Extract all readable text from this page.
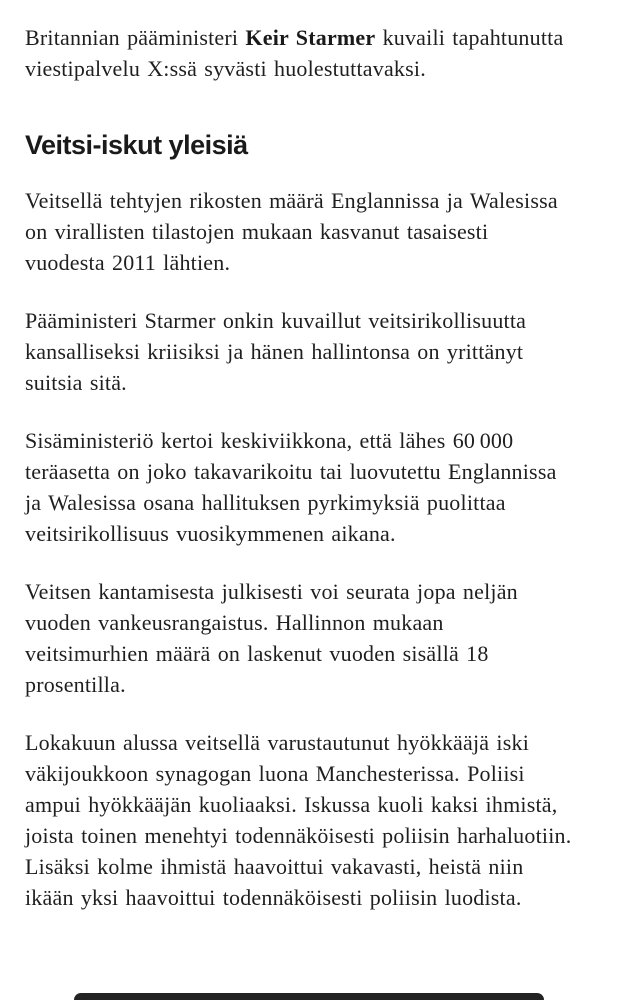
Britannian pääministeri Keir Starmer kuvaili tapahtunutta viestipalvelu X:ssä syvästi huolestuttavaksi.

Veitsi-iskut yleisiä

Veitsellä tehtyjen rikosten määrä Englannissa ja Walesissa on virallisten tilastojen mukaan kasvanut tasaisesti vuodesta 2011 lähtien.

Pääministeri Starmer onkin kuvaillut veitsirikollisuutta kansalliseksi kriisiksi ja hänen hallintonsa on yrittänyt suitsia sitä.

Sisäministeriö kertoi keskiviikkona, että lähes 60 000 teräasetta on joko takavarikoitu tai luovutettu Englannissa ja Walesissa osana hallituksen pyrkimyksiä puolittaa veitsirikollisuus vuosikymmenen aikana.

Veitsen kantamisesta julkisesti voi seurata jopa neljän vuoden vankeusrangaistus. Hallinnon mukaan veitsimurhien määrä on laskenut vuoden sisällä 18 prosentilla.

Lokakuun alussa veitsellä varustautunut hyökkääjä iski väkijoukkoon synagogan luona Manchesterissa. Poliisi ampui hyökkääjän kuoliaaksi. Iskussa kuoli kaksi ihmistä, joista toinen menehtyi todennäköisesti poliisin harhaluotiin. Lisäksi kolme ihmistä haavoittui vakavasti, heistä niin ikään yksi haavoittui todennäköisesti poliisin luodista.
